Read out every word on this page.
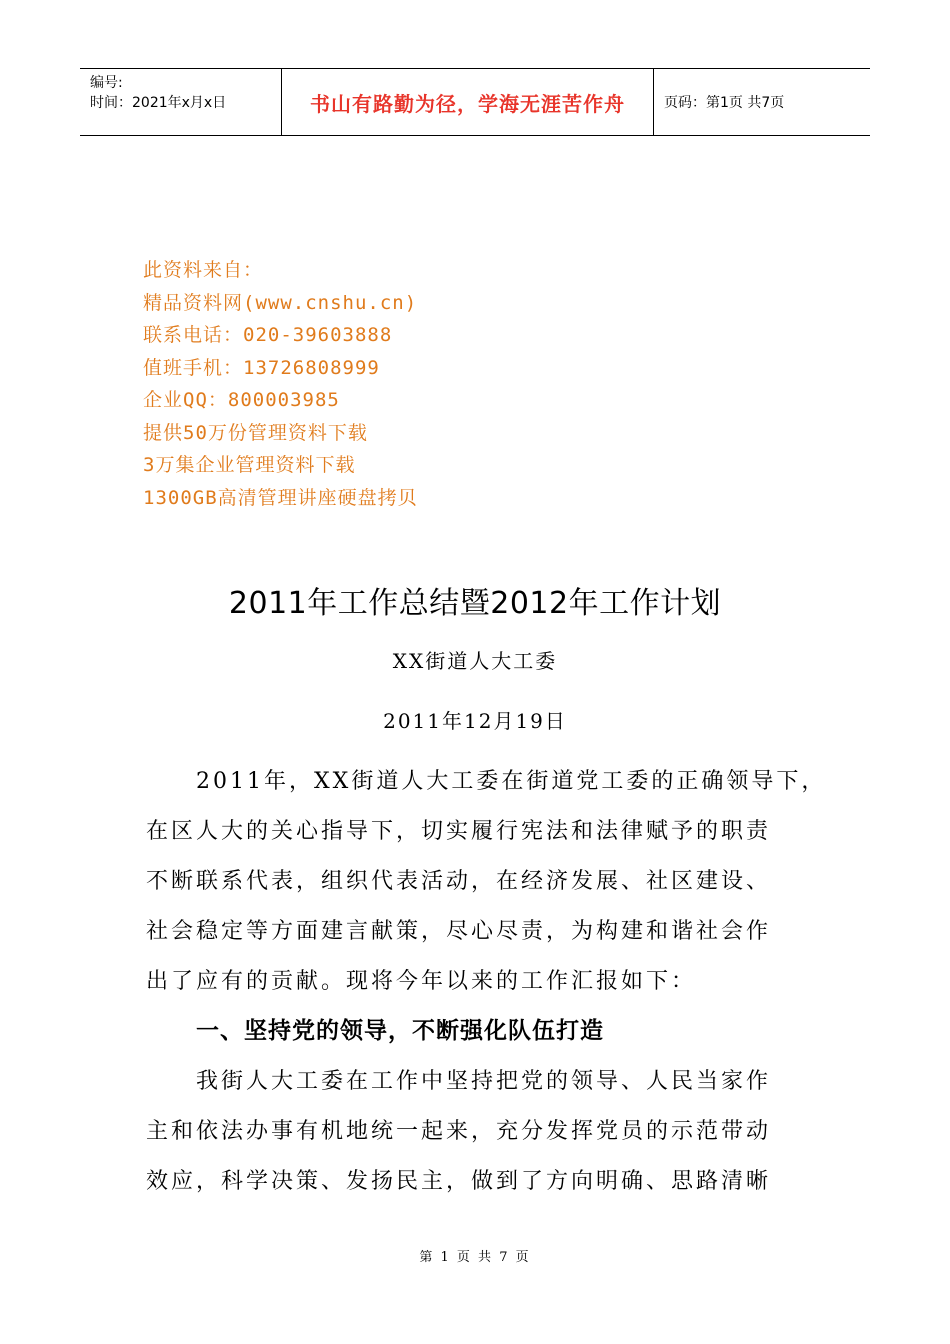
编号:
时间：2021年x月x日	书山有路勤为径，学海无涯苦作舟	页码：第1页 共7页
此资料来自：
精品资料网(www.cnshu.cn)
联系电话：020-39603888
值班手机：13726808999
企业QQ：800003985
提供50万份管理资料下载
3万集企业管理资料下载
1300GB高清管理讲座硬盘拷贝
2011年工作总结暨2012年工作计划
XX街道人大工委
2011年12月19日
2011年，XX街道人大工委在街道党工委的正确领导下，
在区人大的关心指导下，切实履行宪法和法律赋予的职责
不断联系代表，组织代表活动，在经济发展、社区建设、
社会稳定等方面建言献策，尽心尽责，为构建和谐社会作
出了应有的贡献。现将今年以来的工作汇报如下：
一、坚持党的领导，不断强化队伍打造
我街人大工委在工作中坚持把党的领导、人民当家作
主和依法办事有机地统一起来，充分发挥党员的示范带动
效应，科学决策、发扬民主，做到了方向明确、思路清晰
第 1 页 共 7 页
